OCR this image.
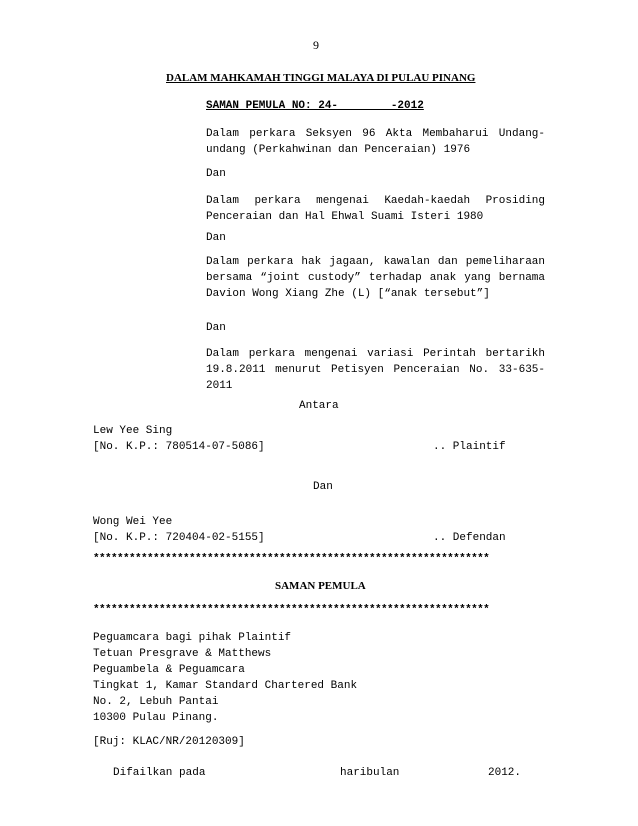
9
DALAM MAHKAMAH TINGGI MALAYA DI PULAU PINANG
SAMAN PEMULA NO: 24-        -2012
Dalam perkara Seksyen 96 Akta Membaharui Undang-undang (Perkahwinan dan Penceraian) 1976
Dan
Dalam perkara mengenai Kaedah-kaedah Prosiding Penceraian dan Hal Ehwal Suami Isteri 1980
Dan
Dalam perkara hak jagaan, kawalan dan pemeliharaan bersama “joint custody” terhadap anak yang bernama Davion Wong Xiang Zhe (L) [“anak tersebut”]
Dan
Dalam perkara mengenai variasi Perintah bertarikh 19.8.2011 menurut Petisyen Penceraian No. 33-635-2011
Antara
Lew Yee Sing
[No. K.P.: 780514-07-5086]	.. Plaintif
Dan
Wong Wei Yee
[No. K.P.: 720404-02-5155]	.. Defendan
******************************************************************
SAMAN PEMULA
******************************************************************
Peguamcara bagi pihak Plaintif
Tetuan Presgrave & Matthews
Peguambela & Peguamcara
Tingkat 1, Kamar Standard Chartered Bank
No. 2, Lebuh Pantai
10300 Pulau Pinang.
[Ruj: KLAC/NR/20120309]
Difailkan pada	haribulan	2012.
